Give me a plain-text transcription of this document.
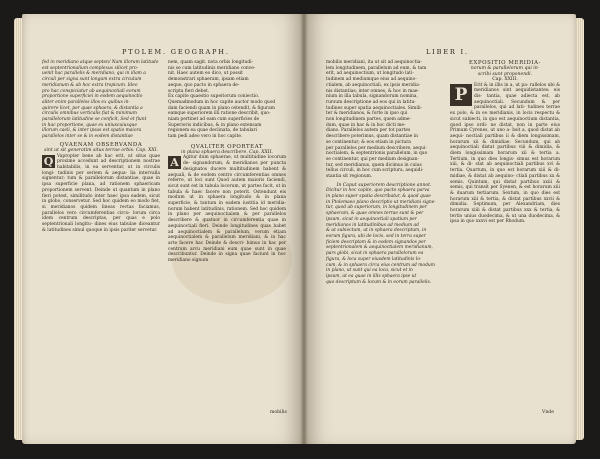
PTOLEM. GEOGRAPH.
fed in meridiano atque septen/ Nam illorum latitudo
est septentrionalium complexus silicet pro-
uenit hac parallelis & meridiano, qui in illam a
circuli per signa sunt longum extra circulum
meridianum & ab hoc extra tropicum. Ideo
pro hac conspiciatur ab aequinoctiali eorum
proportione superficiei in eodem aequinoctio
aliter enim parallelos illos ex quibus in-
quirere licet, per quae sphaera, & distantia a
circulis omnibus verticalis fiat & minimum
parallelorum latitudine se conficit, Sed et fiunt
in hac proportione, quae ex uniuscuiusque
illorum caeli, & inter ipsas est spatio maiora
parallelos inter se & in eodem distantiae

QVAENAM OBSERVANDA

sint ut sit generatim situs terrae orbis. Cap. XXI.

Q Vapropter bene ab hac erit, ut situs quae proxime accedunt ad descriptionem nostrae habitabilis, in ea serventur, ut in circulis longi- tudinis per seriem & aequa- lia intervalla signentur; tum & parallelorum distantiae, quae in ipsa superficie plana, ad rationem sphaericam proportionem servent. Deinde ut quantum in plano fieri potest, similitudo inter haec ipsa eadem, sicut in globo, conservetur. Sed hoc quidem eo modo fiet, si meridianos quidem lineas rectas faciamus, parallelos vero circumferentias circu- lorum circa idem centrum descriptas, per quas e polo septentrionali longitu- dines eius tabulae diceantur & latitudines simul quoque in ipsis pariter servetur.

nem, quam sagit. nota orbis longitudi-
nis se cum latitudinis meridiano conve-
nit. Haec autem eo dico, ut possit
demonstrari sphaeram, ipsam etiam
aeque, quo pacto in sphaera de-
scripta fieri debet.
Ex capite quaestio superiorum coniectio.
Quemadmodum in hoc capite auctor modo quod
dam faciendi quam in plano ostendit, & figuram
eamque superiorem illi ratione describit, quo-
niam pertinet ad eam cum superficies de
Superioris indicibus, & in plano extensam
regionem ea quae declinata, de tabulari
tam pedi adeo vero in hoc capite.

QVALITER OPORTEAT

in plana sphaera describere. Cap. XXII.

A Agitur dum sphaerae, ut multitudine locorum de- signandorum, & meridianos per puncta designatos ducere multitudinem habent & aequali, & de eodem centro circumferentias omnes referre, ut loci sunt Quod autem maioris faciendi, sicut sunt est in tabula locorum, ut partes facit, ut in tabula & haec facere non poterit. Ostendunt eis modum ut in sphaera longitudo & in plana superficie, & tantum in eadem iustitia id meridia- norum habent latitudinis, rationem. Sed hoc quidem in plano per aequinoctialem & per parallelos describere & quatuor in circumferentia quae in aequinoctiali fieri. Deinde longitudines quas habet ad aequinoctialem & parallelum, verum etiam aequinoctialem & parallelum meridiani, & in hac arte facere hac Deinde & descri- bimus in hac per centrum arcu meridiani eum quae sunt in quae describuntur. Deinde in signa quae faciunt in hoc meridiano signum

mobilis
LIBER I.
mobilis meridiani, ita ut sit ad aequinoctia-
lem longitudinem, parallelum ad eum, & tam
erit, ad aequinoctium, ut longitudo lati-
tudinem ad mediumque eius ad aequino-
ctialem, ab aequinoctiali, ex ipsis meridia-
nis distantias; inter omnes, & hoc in mae-
nium in illa tabula, signandorum nomina,
rursum descriptione ad eos qui in latitu-
tudines super spatia aequinoctiales. Simili-
ter & meridianos, & forte in ipso qui
non longitudinem partes, quem adme-
dum, quae in hac & in hoc dicti me-
diano. Parallelos autem per tot partes
describere poterimus, quam distantiae in
se continentur; & eos etiam in pictura
per parallelos per medium describere, aequi-
noctialem, & septentrionis parallelum, in quo
se continentur, qui per medium designan-
tur, sed meridianus, quem dicimus in cuius
tellus circuli, in hoc cum scriptura, aequidi-
stantia sit regionum.

In Caput superiorem descriptione annot.

Dicitur in hoc capite, quo pacto sphaera parva
in plano super spatia describatur, & quod quae
in Ptolemaeo plano descriptio ut meridiani signe-
tur, quod ab superiorum, in longitudinem per
sphaeram, & quae omnes terrae sunt & per
ipsum, sicut in aequinoctiali spatium per
meridianos in latitudinibus ad medium ad
& ut subiectum, ut in sphaera descriptum, in
eorum figura, ubi de locis, sed in terra super
ficiem descriptam & in eodem signandos per
septentrionalem & aequinoctialem meridianum,
pars globi, sicut in sphaera parallelorum ea
figura, & loca super eiusdem latitudinis lo-
cum, & in sphaera circa eius centrum ad modum
in plano, ut sunt qui ea loca, sicut et in
ipsum, ut ea quae in illis sphaera ipse ut
quo descriptum & locum & in eorum parallelis.

EXPOSITIO MERIDIA-

norum & parallelorum qui in-

scribi sunt proponendi.

Cap. XXIII.

P	Erit & in illis in a, ut pa- rallelos ubi & meridianos sint aequidistantes: eis dis- tantia, quae adiecta est, ab aequinoctiali. Secundum & per parallelos, qui ad lati- tudines terrae ex polo, & in eo meridianis, in locis respectu & sicut subiecti, in quo est aequinoctium distantia, quod ipso ordi- ne distat, non in parte eius Primum Cyrenes, ut uno a- bsit a, quod distat ab aequi- noctiali partibus ii & diem longissimam, horarum xii & dimidiae. Secundum, qui ab aequinoctiali distat partibus viii & dimidia, & diem longissimam horarum xii & tertia a. Tertium, in quo dies longis- simus est horarum xiii, & di- stat ab aequinoctiali partibus xvi & tertia. Quartum, in quo est horarum xiii & di- midiae, & distat ab aequino- ctiali partibus xx & semis. Quintum, qui distat partibus xxiii & semis, qui transit per Syenen, & est horarum xiii & duarum tertiarum. Sextum, in quo dies est horarum xiii & tertia, & distat partibus xxvii & dimidia. Septimum, per Alexandriam, dies horarum xiiii & distat partibus xxx & tertia, & tertio unius duodecima, & ut una duodecima, & ipsa in quo xxxvi est per Rhodum.

Vnde
